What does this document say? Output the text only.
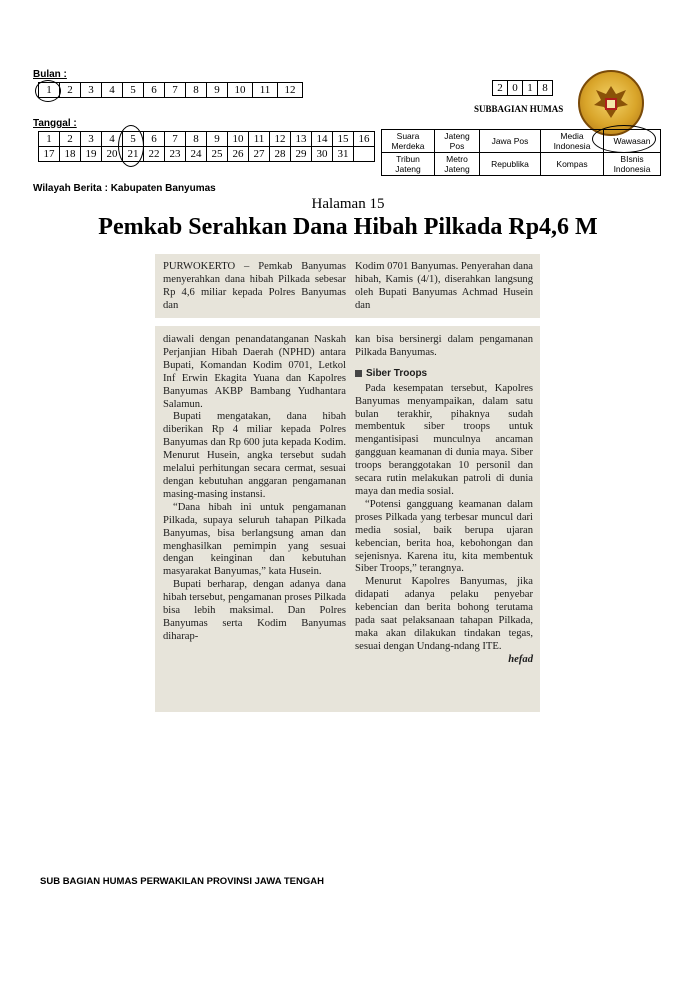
Bulan :
1	2	3	4	5	6	7	8	9	10	11	12
Tanggal :
1	2	3	4	5	6	7	8	9	10	11	12	13	14	15	16
17	18	19	20	21	22	23	24	25	26	27	28	29	30	31	
2	0	1	8
SUBBAGIAN HUMAS
Suara Merdeka	Jateng Pos	Jawa Pos	Media Indonesia	Wawasan
Tribun Jateng	Metro Jateng	Republika	Kompas	BIsnis Indonesia
Wilayah Berita : Kabupaten Banyumas
Halaman 15
Pemkab Serahkan Dana Hibah Pilkada Rp4,6 M
PURWOKERTO – Pemkab Banyumas menyerahkan dana hibah Pilkada sebesar Rp 4,6 miliar kepada Polres Banyumas dan
Kodim 0701 Banyumas. Penyerahan dana hibah, Kamis (4/1), diserahkan langsung oleh Bupati Banyumas Achmad Husein dan

diawali dengan penandatanganan Naskah Perjanjian Hibah Daerah (NPHD) antara Bupati, Komandan Kodim 0701, Letkol Inf Erwin Ekagita Yuana dan Kapolres Banyumas AKBP Bambang Yudhantara Salamun.

Bupati mengatakan, dana hibah diberikan Rp 4 miliar kepada Polres Banyumas dan Rp 600 juta kepada Kodim. Menurut Husein, angka tersebut sudah melalui perhitungan secara cermat, sesuai dengan kebutuhan anggaran pengamanan masing-masing instansi.

“Dana hibah ini untuk pengamanan Pilkada, supaya seluruh tahapan Pilkada Banyumas, bisa berlangsung aman dan menghasilkan pemimpin yang sesuai dengan keinginan dan kebutuhan masyarakat Banyumas,” kata Husein.

Bupati berharap, dengan adanya dana hibah tersebut, pengamanan proses Pilkada bisa lebih maksimal. Dan Polres Banyumas serta Kodim Banyumas diharap-

kan bisa bersinergi dalam pengamanan Pilkada Banyumas.

Siber Troops

Pada kesempatan tersebut, Kapolres Banyumas menyampaikan, dalam satu bulan terakhir, pihaknya sudah membentuk siber troops untuk mengantisipasi munculnya ancaman gangguan keamanan di dunia maya. Siber troops beranggotakan 10 personil dan secara rutin melakukan patroli di dunia maya dan media sosial.

“Potensi gangguang keamanan dalam proses Pilkada yang terbesar muncul dari media sosial, baik berupa ujaran kebencian, berita hoa, kebohongan dan sejenisnya. Karena itu, kita membentuk Siber Troops,” terangnya.

Menurut Kapolres Banyumas, jika didapati adanya pelaku penyebar kebencian dan berita bohong terutama pada saat pelaksanaan tahapan Pilkada, maka akan dilakukan tindakan tegas, sesuai dengan Undang-ndang ITE.

hefad
SUB BAGIAN HUMAS PERWAKILAN PROVINSI JAWA TENGAH
